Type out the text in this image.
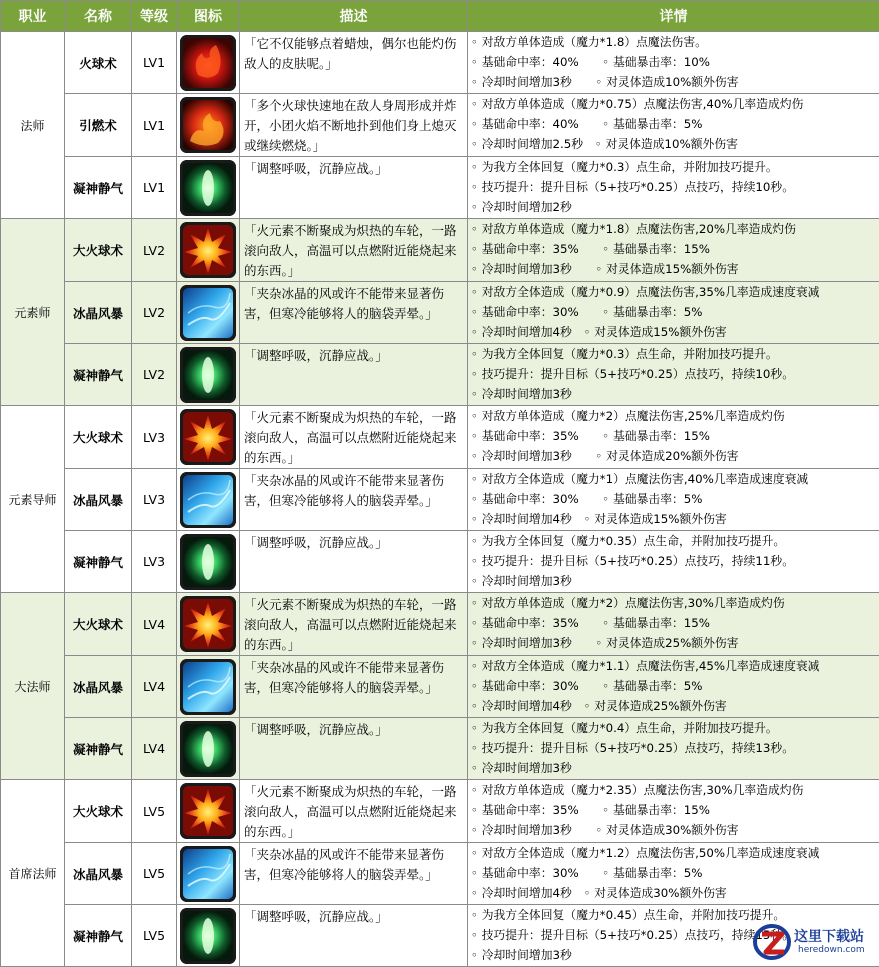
职业	名称	等级	图标	描述	详情
法师	火球术	LV1		「它不仅能够点着蜡烛，偶尔也能灼伤敌人的皮肤呢。」	◦ 对敌方单体造成（魔力*1.8）点魔法伤害。
◦ 基础命中率：40%　　◦ 基础暴击率：10%
◦ 冷却时间增加3秒　　◦ 对灵体造成10%额外伤害

	引燃术	LV1		「多个火球快速地在敌人身周形成并炸开，小团火焰不断地扑到他们身上熄灭或继续燃烧。」	◦ 对敌方单体造成（魔力*0.75）点魔法伤害,40%几率造成灼伤
◦ 基础命中率：40%　　◦ 基础暴击率：5%
◦ 冷却时间增加2.5秒　◦ 对灵体造成10%额外伤害

	凝神静气	LV1		「调整呼吸，沉静应战。」	◦ 为我方全体回复（魔力*0.3）点生命，并附加技巧提升。
◦ 技巧提升：提升目标（5+技巧*0.25）点技巧，持续10秒。
◦ 冷却时间增加2秒

元素师	大火球术	LV2		「火元素不断聚成为炽热的车轮，一路滚向敌人，高温可以点燃附近能烧起来的东西。」	◦ 对敌方单体造成（魔力*1.8）点魔法伤害,20%几率造成灼伤
◦ 基础命中率：35%　　◦ 基础暴击率：15%
◦ 冷却时间增加3秒　　◦ 对灵体造成15%额外伤害

	冰晶风暴	LV2		「夹杂冰晶的风或许不能带来显著伤害，但寒冷能够将人的脑袋弄晕。」	◦ 对敌方全体造成（魔力*0.9）点魔法伤害,35%几率造成速度衰减
◦ 基础命中率：30%　　◦ 基础暴击率：5%
◦ 冷却时间增加4秒　◦ 对灵体造成15%额外伤害

	凝神静气	LV2		「调整呼吸，沉静应战。」	◦ 为我方全体回复（魔力*0.3）点生命，并附加技巧提升。
◦ 技巧提升：提升目标（5+技巧*0.25）点技巧，持续10秒。
◦ 冷却时间增加3秒

元素导师	大火球术	LV3		「火元素不断聚成为炽热的车轮，一路滚向敌人，高温可以点燃附近能烧起来的东西。」	◦ 对敌方单体造成（魔力*2）点魔法伤害,25%几率造成灼伤
◦ 基础命中率：35%　　◦ 基础暴击率：15%
◦ 冷却时间增加3秒　　◦ 对灵体造成20%额外伤害

	冰晶风暴	LV3		「夹杂冰晶的风或许不能带来显著伤害，但寒冷能够将人的脑袋弄晕。」	◦ 对敌方全体造成（魔力*1）点魔法伤害,40%几率造成速度衰减
◦ 基础命中率：30%　　◦ 基础暴击率：5%
◦ 冷却时间增加4秒　◦ 对灵体造成15%额外伤害

	凝神静气	LV3		「调整呼吸，沉静应战。」	◦ 为我方全体回复（魔力*0.35）点生命，并附加技巧提升。
◦ 技巧提升：提升目标（5+技巧*0.25）点技巧，持续11秒。
◦ 冷却时间增加3秒

大法师	大火球术	LV4		「火元素不断聚成为炽热的车轮，一路滚向敌人，高温可以点燃附近能烧起来的东西。」	◦ 对敌方单体造成（魔力*2）点魔法伤害,30%几率造成灼伤
◦ 基础命中率：35%　　◦ 基础暴击率：15%
◦ 冷却时间增加3秒　　◦ 对灵体造成25%额外伤害

	冰晶风暴	LV4		「夹杂冰晶的风或许不能带来显著伤害，但寒冷能够将人的脑袋弄晕。」	◦ 对敌方全体造成（魔力*1.1）点魔法伤害,45%几率造成速度衰减
◦ 基础命中率：30%　　◦ 基础暴击率：5%
◦ 冷却时间增加4秒　◦ 对灵体造成25%额外伤害

	凝神静气	LV4		「调整呼吸，沉静应战。」	◦ 为我方全体回复（魔力*0.4）点生命，并附加技巧提升。
◦ 技巧提升：提升目标（5+技巧*0.25）点技巧，持续13秒。
◦ 冷却时间增加3秒

首席法师	大火球术	LV5		「火元素不断聚成为炽热的车轮，一路滚向敌人，高温可以点燃附近能烧起来的东西。」	◦ 对敌方单体造成（魔力*2.35）点魔法伤害,30%几率造成灼伤
◦ 基础命中率：35%　　◦ 基础暴击率：15%
◦ 冷却时间增加3秒　　◦ 对灵体造成30%额外伤害

	冰晶风暴	LV5		「夹杂冰晶的风或许不能带来显著伤害，但寒冷能够将人的脑袋弄晕。」	◦ 对敌方全体造成（魔力*1.2）点魔法伤害,50%几率造成速度衰减
◦ 基础命中率：30%　　◦ 基础暴击率：5%
◦ 冷却时间增加4秒　◦ 对灵体造成30%额外伤害

	凝神静气	LV5		「调整呼吸，沉静应战。」	◦ 为我方全体回复（魔力*0.45）点生命，并附加技巧提升。
◦ 技巧提升：提升目标（5+技巧*0.25）点技巧，持续15秒。
◦ 冷却时间增加3秒
这里下载站
heredown.com
